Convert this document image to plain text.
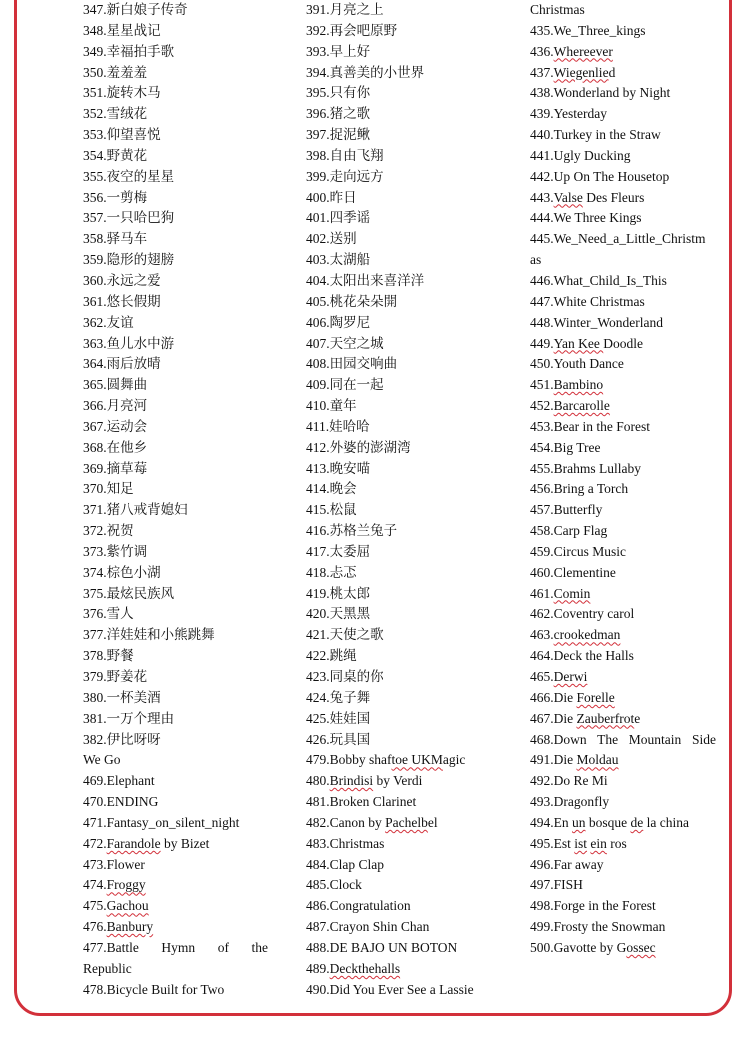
347.新白娘子传奇
348.星星战记
349.幸福拍手歌
350.羞羞羞
351.旋转木马
352.雪绒花
353.仰望喜悦
354.野黄花
355.夜空的星星
356.一剪梅
357.一只哈巴狗
358.驿马车
359.隐形的翅膀
360.永远之爱
361.悠长假期
362.友谊
363.鱼儿水中游
364.雨后放晴
365.圆舞曲
366.月亮河
367.运动会
368.在他乡
369.摘草莓
370.知足
371.猪八戒背媳妇
372.祝贺
373.紫竹调
374.棕色小湖
375.最炫民族风
376.雪人
377.洋娃娃和小熊跳舞
378.野餐
379.野姜花
380.一杯美酒
381.一万个理由
382.伊比呀呀
We Go
469.Elephant
470.ENDING
471.Fantasy_on_silent_night
472.Farandole by Bizet
473.Flower
474.Froggy
475.Gachou
476.Banbury
477.Battle Hymn of the
Republic
478.Bicycle Built for Two
391.月亮之上
392.再会吧原野
393.早上好
394.真善美的小世界
395.只有你
396.猪之歌
397.捉泥鳅
398.自由飞翔
399.走向远方
400.昨日
401.四季谣
402.送别
403.太湖船
404.太阳出来喜洋洋
405.桃花朵朵開
406.陶罗尼
407.天空之城
408.田园交响曲
409.同在一起
410.童年
411.娃哈哈
412.外婆的澎湖湾
413.晚安喵
414.晚会
415.松鼠
416.苏格兰兔子
417.太委屈
418.忐忑
419.桃太郎
420.天黑黑
421.天使之歌
422.跳绳
423.同桌的你
424.兔子舞
425.娃娃国
426.玩具国
479.Bobby shaftoe UKMagic
480.Brindisi by Verdi
481.Broken Clarinet
482.Canon by Pachelbel
483.Christmas
484.Clap Clap
485.Clock
486.Congratulation
487.Crayon Shin Chan
488.DE BAJO UN BOTON
489.Deckthehalls
490.Did You Ever See a Lassie
Christmas
435.We_Three_kings
436.Whereever
437.Wiegenlied
438.Wonderland by Night
439.Yesterday
440.Turkey in the Straw
441.Ugly Ducking
442.Up On The Housetop
443.Valse Des Fleurs
444.We Three Kings
445.We_Need_a_Little_Christm
as
446.What_Child_Is_This
447.White Christmas
448.Winter_Wonderland
449.Yan Kee Doodle
450.Youth Dance
451.Bambino
452.Barcarolle
453.Bear in the Forest
454.Big Tree
455.Brahms Lullaby
456.Bring a Torch
457.Butterfly
458.Carp Flag
459.Circus Music
460.Clementine
461.Comin
462.Coventry carol
463.crookedman
464.Deck the Halls
465.Derwi
466.Die Forelle
467.Die Zauberfrote
468.Down The Mountain Side
491.Die Moldau
492.Do Re Mi
493.Dragonfly
494.En un bosque de la china
495.Est ist ein ros
496.Far away
497.FISH
498.Forge in the Forest
499.Frosty the Snowman
500.Gavotte by Gossec
